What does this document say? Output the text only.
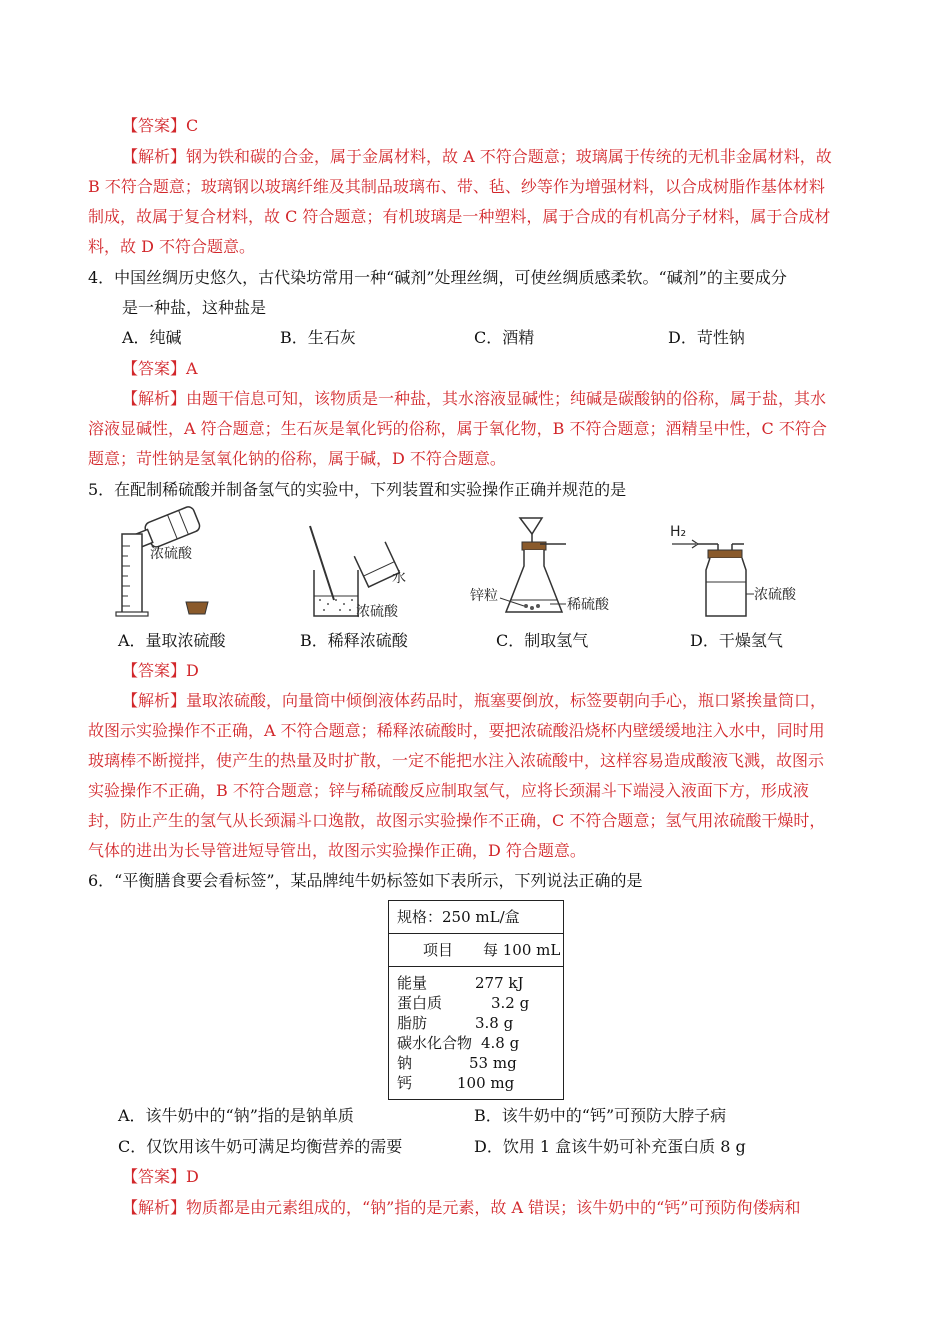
【答案】C
【解析】钢为铁和碳的合金，属于金属材料，故 A 不符合题意；玻璃属于传统的无机非金属材料，故
B 不符合题意；玻璃钢以玻璃纤维及其制品玻璃布、带、毡、纱等作为增强材料，以合成树脂作基体材料
制成，故属于复合材料，故 C 符合题意；有机玻璃是一种塑料，属于合成的有机高分子材料，属于合成材
料，故 D 不符合题意。
4．中国丝绸历史悠久，古代染坊常用一种“碱剂”处理丝绸，可使丝绸质感柔软。“碱剂”的主要成分
是一种盐，这种盐是
A．纯碱	B．生石灰	C．酒精	D．苛性钠
【答案】A
【解析】由题干信息可知，该物质是一种盐，其水溶液显碱性；纯碱是碳酸钠的俗称，属于盐，其水
溶液显碱性，A 符合题意；生石灰是氧化钙的俗称，属于氧化物，B 不符合题意；酒精呈中性，C 不符合
题意；苛性钠是氢氧化钠的俗称，属于碱，D 不符合题意。
5．在配制稀硫酸并制备氢气的实验中，下列装置和实验操作正确并规范的是
浓硫酸
水
浓硫酸
锌粒
稀硫酸
H₂
浓硫酸
A．量取浓硫酸	B．稀释浓硫酸	C．制取氢气	D．干燥氢气
【答案】D
【解析】量取浓硫酸，向量筒中倾倒液体药品时，瓶塞要倒放，标签要朝向手心，瓶口紧挨量筒口，
故图示实验操作不正确，A 不符合题意；稀释浓硫酸时，要把浓硫酸沿烧杯内壁缓缓地注入水中，同时用
玻璃棒不断搅拌，使产生的热量及时扩散，一定不能把水注入浓硫酸中，这样容易造成酸液飞溅，故图示
实验操作不正确，B 不符合题意；锌与稀硫酸反应制取氢气，应将长颈漏斗下端浸入液面下方，形成液
封，防止产生的氢气从长颈漏斗口逸散，故图示实验操作不正确，C 不符合题意；氢气用浓硫酸干燥时，
气体的进出为长导管进短导管出，故图示实验操作正确，D 符合题意。
6．“平衡膳食要会看标签”，某品牌纯牛奶标签如下表所示，下列说法正确的是
规格：250 mL/盒
项目　　每 100 mL
能量	277 kJ
蛋白质	3.2 g
脂肪	3.8 g
碳水化合物 4.8 g
钠	53 mg
钙	100 mg
A．该牛奶中的“钠”指的是钠单质	B．该牛奶中的“钙”可预防大脖子病
C．仅饮用该牛奶可满足均衡营养的需要	D．饮用 1 盒该牛奶可补充蛋白质 8 g
【答案】D
【解析】物质都是由元素组成的，“钠”指的是元素，故 A 错误；该牛奶中的“钙”可预防佝偻病和
